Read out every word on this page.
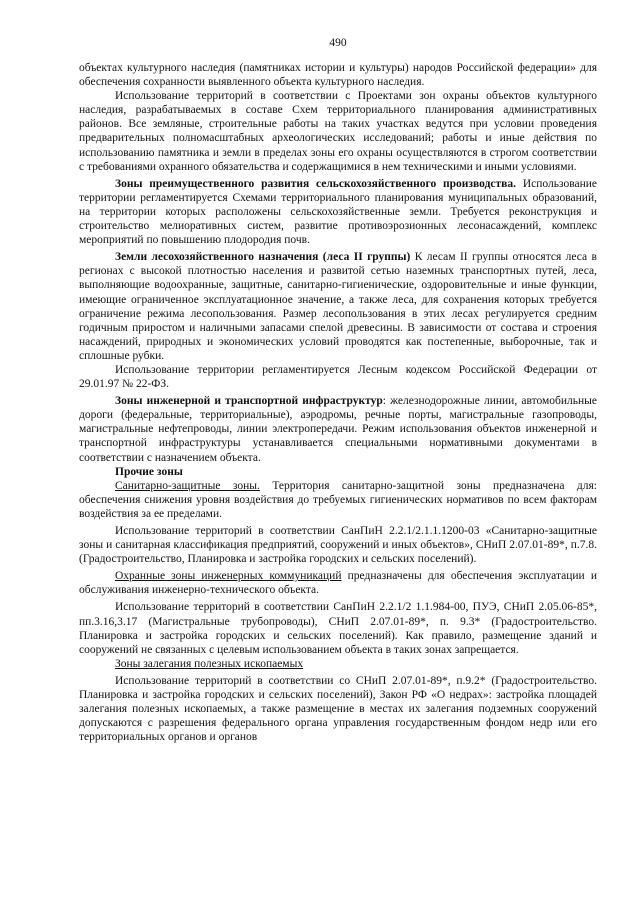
490

объектах культурного наследия (памятниках истории и культуры) народов Российской федерации» для обеспечения сохранности выявленного объекта культурного наследия.

Использование территорий в соответствии с Проектами зон охраны объектов культурного наследия, разрабатываемых в составе Схем территориального планирования административных районов. Все земляные, строительные работы на таких участках ведутся при условии проведения предварительных полномасштабных археологических исследований; работы и иные действия по использованию памятника и земли в пределах зоны его охраны осуществляются в строгом соответствии с требованиями охранного обязательства и содержащимися в нем техническими и иными условиями.

Зоны преимущественного развития сельскохозяйственного производства. Использование территории регламентируется Схемами территориального планирования муниципальных образований, на территории которых расположены сельскохозяйственные земли. Требуется реконструкция и строительство мелиоративных систем, развитие противоэрозионных лесонасаждений, комплекс мероприятий по повышению плодородия почв.

Земли лесохозяйственного назначения (леса II группы) К лесам II группы относятся леса в регионах с высокой плотностью населения и развитой сетью наземных транспортных путей, леса, выполняющие водоохранные, защитные, санитарно-гигиенические, оздоровительные и иные функции, имеющие ограниченное эксплуатационное значение, а также леса, для сохранения которых требуется ограничение режима лесопользования. Размер лесопользования в этих лесах регулируется средним годичным приростом и наличными запасами спелой древесины. В зависимости от состава и строения насаждений, природных и экономических условий проводятся как постепенные, выборочные, так и сплошные рубки.

Использование территории регламентируется Лесным кодексом Российской Федерации от 29.01.97 № 22-ФЗ.

Зоны инженерной и транспортной инфраструктур: железнодорожные линии, автомобильные дороги (федеральные, территориальные), аэродромы, речные порты, магистральные газопроводы, магистральные нефтепроводы, линии электропередачи. Режим использования объектов инженерной и транспортной инфраструктуры устанавливается специальными нормативными документами в соответствии с назначением объекта.

Прочие зоны

Санитарно-защитные зоны. Территория санитарно-защитной зоны предназначена для: обеспечения снижения уровня воздействия до требуемых гигиенических нормативов по всем факторам воздействия за ее пределами.

Использование территорий в соответствии СанПиН 2.2.1/2.1.1.1200-03 «Санитарно-защитные зоны и санитарная классификация предприятий, сооружений и иных объектов», СНиП 2.07.01-89*, п.7.8. (Градостроительство, Планировка и застройка городских и сельских поселений).

Охранные зоны инженерных коммуникаций предназначены для обеспечения эксплуатации и обслуживания инженерно-технического объекта.

Использование территорий в соответствии СанПиН 2.2.1/2 1.1.984-00, ПУЭ, СНиП 2.05.06-85*, пп.3.16,3.17 (Магистральные трубопроводы), СНиП 2.07.01-89*, п. 9.3* (Градостроительство. Планировка и застройка городских и сельских поселений). Как правило, размещение зданий и сооружений не связанных с целевым использованием объекта в таких зонах запрещается.

Зоны залегания полезных ископаемых

Использование территорий в соответствии со СНиП 2.07.01-89*, п.9.2* (Градостроительство. Планировка и застройка городских и сельских поселений), Закон РФ «О недрах»: застройка площадей залегания полезных ископаемых, а также размещение в местах их залегания подземных сооружений допускаются с разрешения федерального органа управления государственным фондом недр или его территориальных органов и органов
